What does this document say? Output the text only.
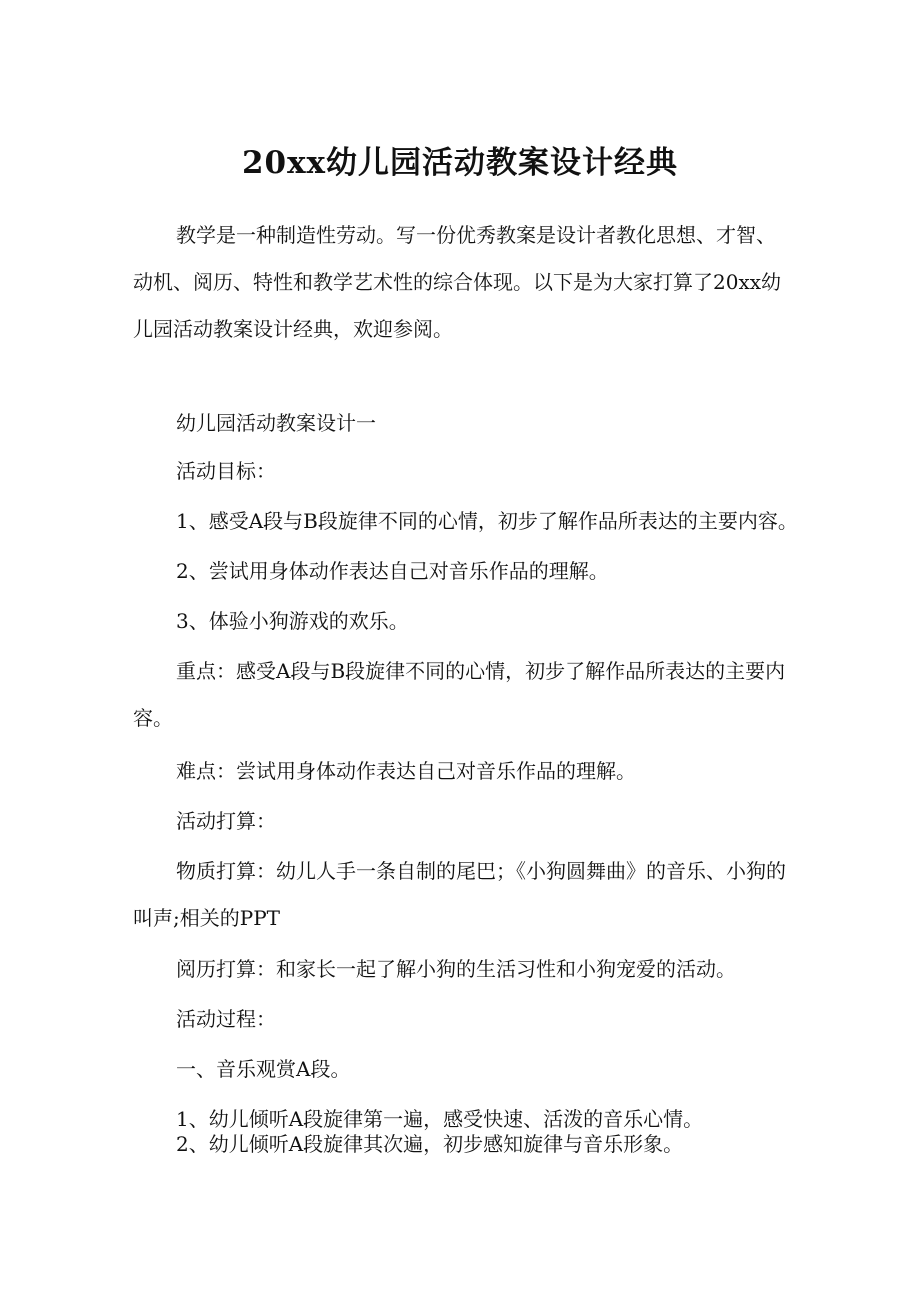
20xx幼儿园活动教案设计经典

教学是一种制造性劳动。写一份优秀教案是设计者教化思想、才智、动机、阅历、特性和教学艺术性的综合体现。以下是为大家打算了20xx幼儿园活动教案设计经典，欢迎参阅。

幼儿园活动教案设计一

活动目标：

1、感受A段与B段旋律不同的心情，初步了解作品所表达的主要内容。

2、尝试用身体动作表达自己对音乐作品的理解。

3、体验小狗游戏的欢乐。

重点：感受A段与B段旋律不同的心情，初步了解作品所表达的主要内容。

难点：尝试用身体动作表达自己对音乐作品的理解。

活动打算：

物质打算：幼儿人手一条自制的尾巴；《小狗圆舞曲》的音乐、小狗的叫声;相关的PPT

阅历打算：和家长一起了解小狗的生活习性和小狗宠爱的活动。

活动过程：

一、音乐观赏A段。

1、幼儿倾听A段旋律第一遍，感受快速、活泼的音乐心情。

2、幼儿倾听A段旋律其次遍，初步感知旋律与音乐形象。
